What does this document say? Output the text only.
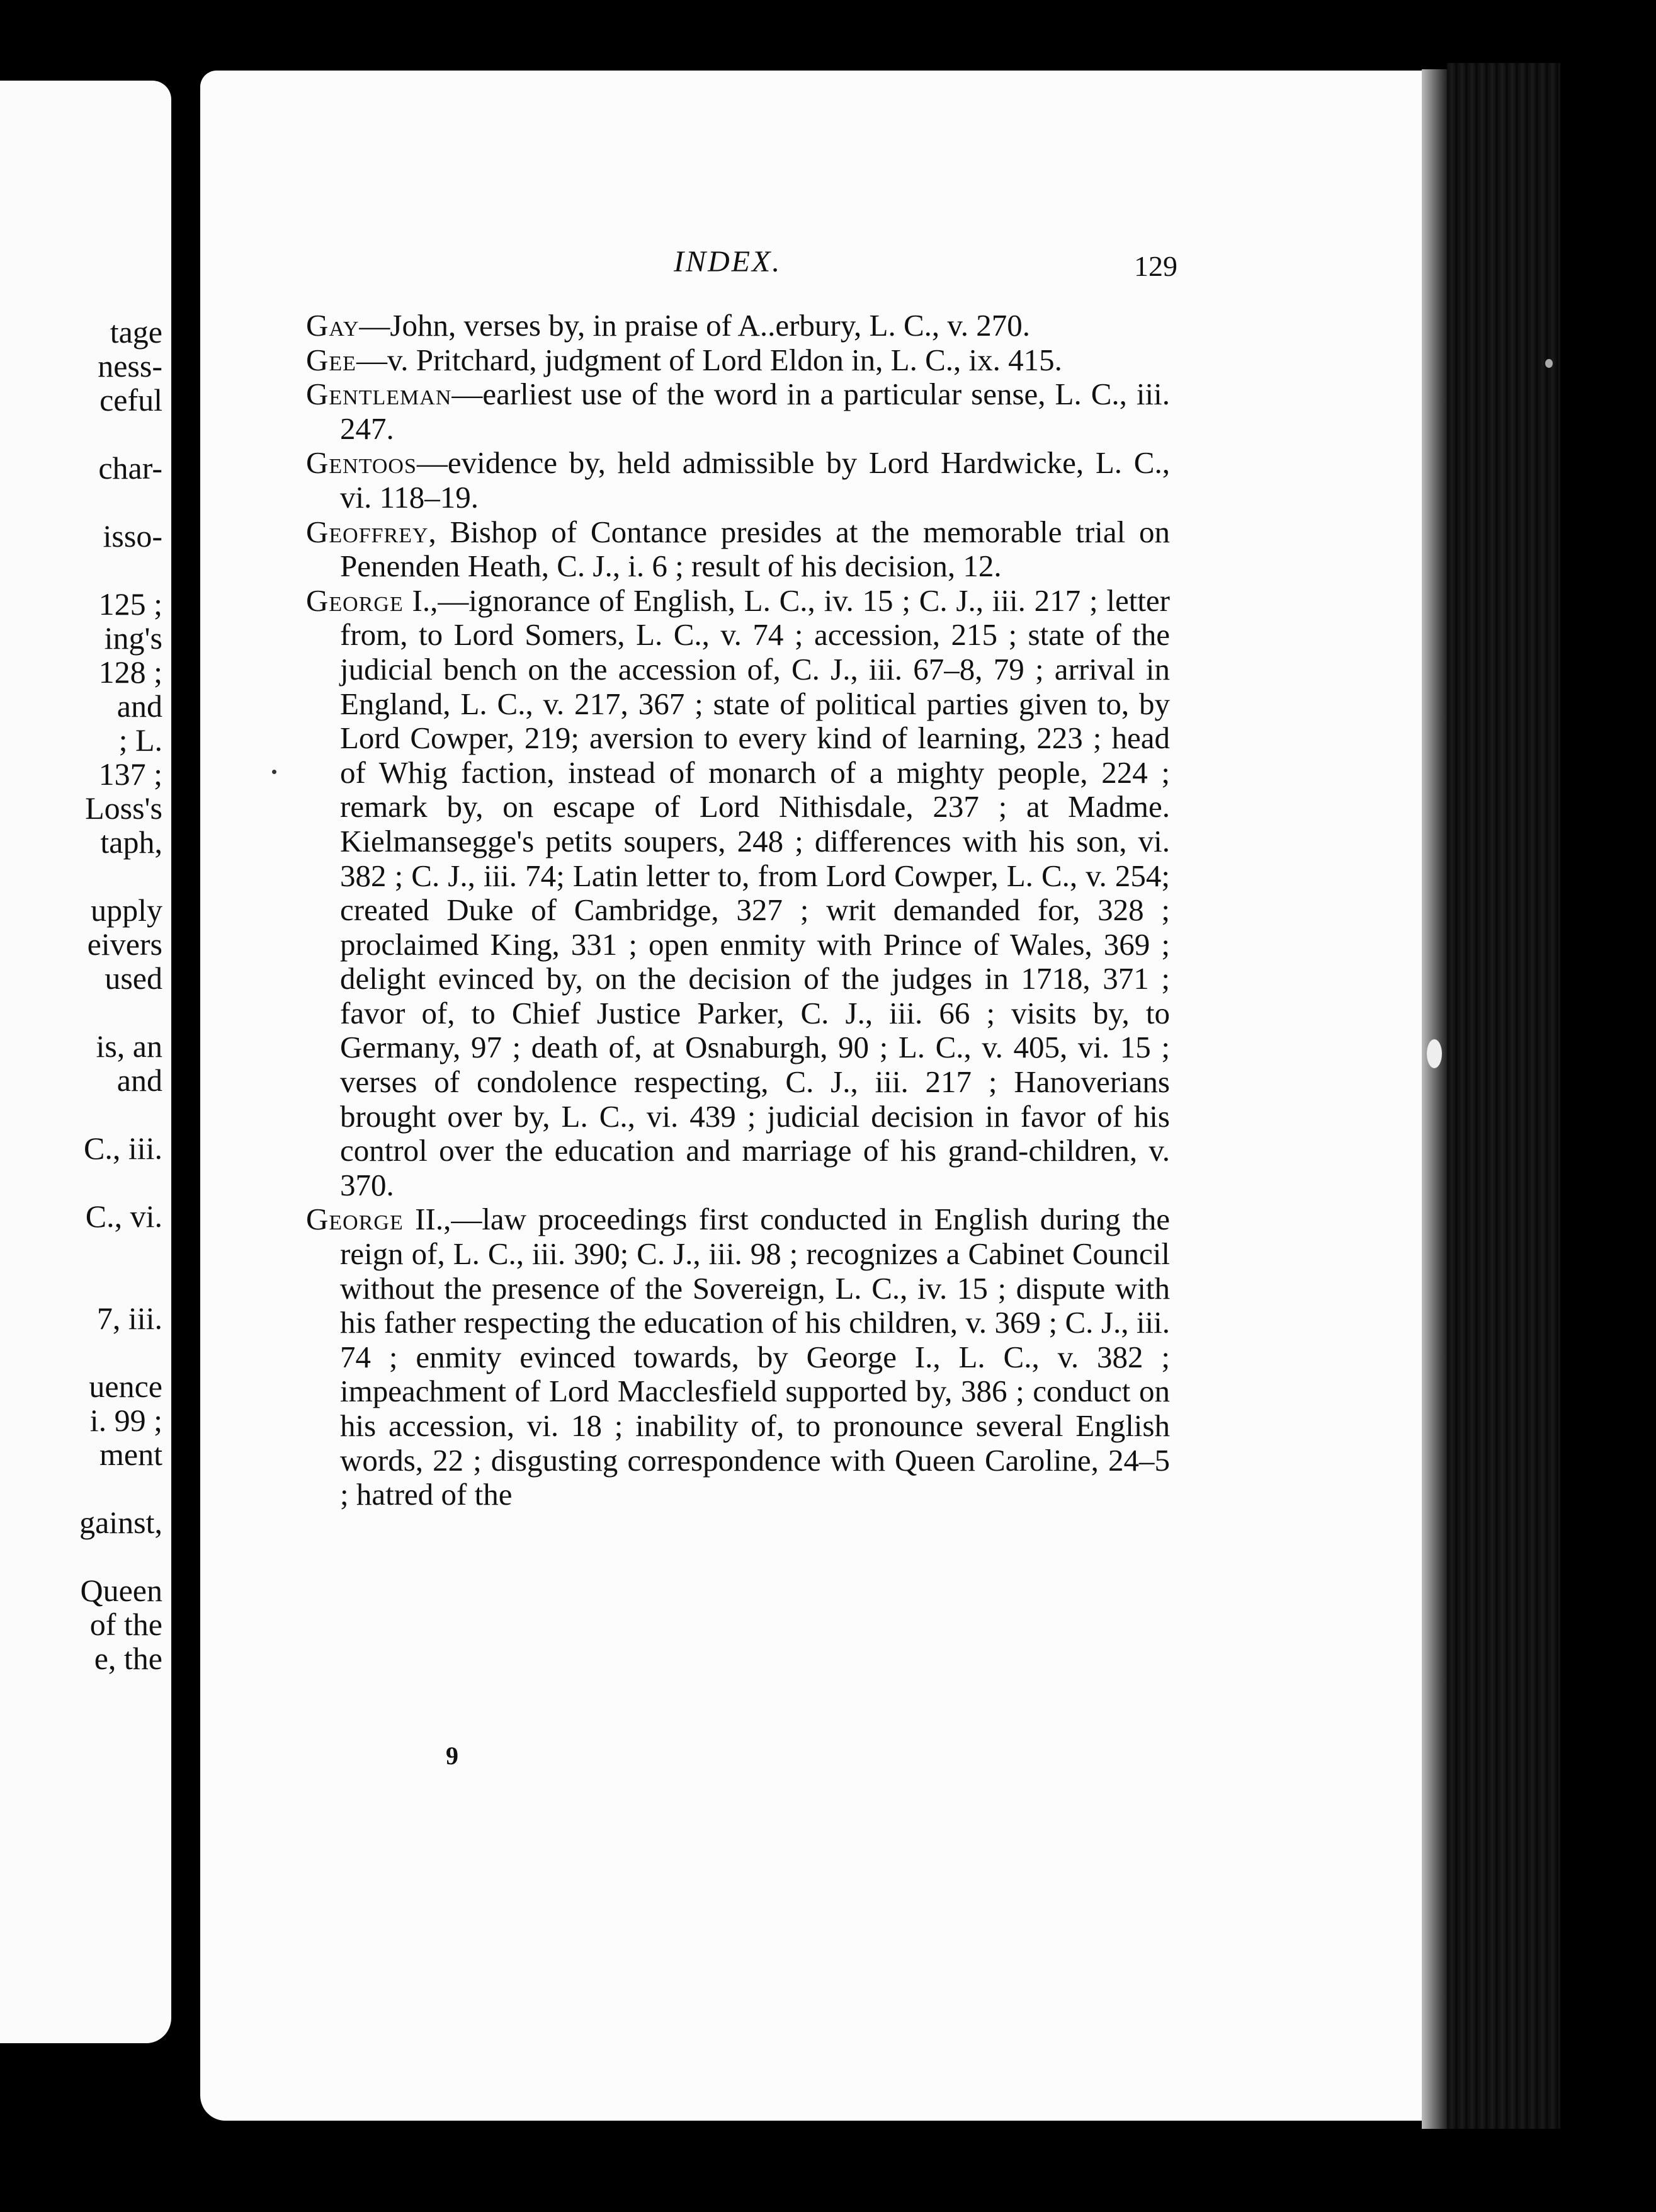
tage
ness-
ceful

char-

isso-

125 ;
ing's
128 ;
and
; L.
137 ;
Loss's
taph,

upply
eivers
used

is, an
and

C., iii.

C., vi.

7, iii.

uence
i. 99 ;
ment

gainst,

Queen
of the
e, the
INDEX.	129

Gay—John, verses by, in praise of A..erbury, L. C., v. 270.

Gee—v. Pritchard, judgment of Lord Eldon in, L. C., ix. 415.

Gentleman—earliest use of the word in a particular sense, L. C., iii. 247.

Gentoos—evidence by, held admissible by Lord Hardwicke, L. C., vi. 118–19.

Geoffrey, Bishop of Contance presides at the memorable trial on Penenden Heath, C. J., i. 6 ; result of his decision, 12.

George I.,—ignorance of English, L. C., iv. 15 ; C. J., iii. 217 ; letter from, to Lord Somers, L. C., v. 74 ; accession, 215 ; state of the judicial bench on the accession of, C. J., iii. 67–8, 79 ; arrival in England, L. C., v. 217, 367 ; state of political parties given to, by Lord Cowper, 219; aversion to every kind of learning, 223 ; head of Whig faction, instead of monarch of a mighty people, 224 ; remark by, on escape of Lord Nithisdale, 237 ; at Madme. Kielmansegge's petits soupers, 248 ; differences with his son, vi. 382 ; C. J., iii. 74; Latin letter to, from Lord Cowper, L. C., v. 254; created Duke of Cambridge, 327 ; writ demanded for, 328 ; proclaimed King, 331 ; open enmity with Prince of Wales, 369 ; delight evinced by, on the decision of the judges in 1718, 371 ; favor of, to Chief Justice Parker, C. J., iii. 66 ; visits by, to Germany, 97 ; death of, at Osnaburgh, 90 ; L. C., v. 405, vi. 15 ; verses of condolence respecting, C. J., iii. 217 ; Hanoverians brought over by, L. C., vi. 439 ; judicial decision in favor of his control over the education and marriage of his grand-children, v. 370.

George II.,—law proceedings first conducted in English during the reign of, L. C., iii. 390; C. J., iii. 98 ; recognizes a Cabinet Council without the presence of the Sovereign, L. C., iv. 15 ; dispute with his father respecting the education of his children, v. 369 ; C. J., iii. 74 ; enmity evinced towards, by George I., L. C., v. 382 ; impeachment of Lord Macclesfield supported by, 386 ; conduct on his accession, vi. 18 ; inability of, to pronounce several English words, 22 ; disgusting correspondence with Queen Caroline, 24–5 ; hatred of the

9
